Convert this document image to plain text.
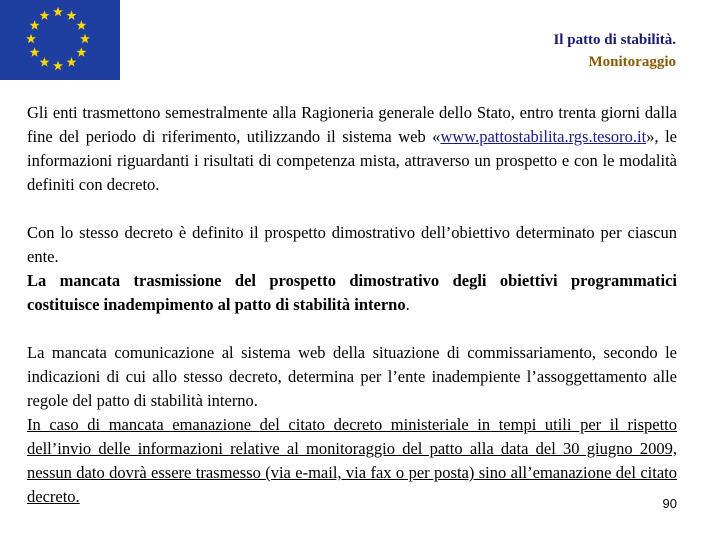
Il patto di stabilità.
Monitoraggio

Gli enti trasmettono semestralmente alla Ragioneria generale dello Stato, entro trenta giorni dalla fine del periodo di riferimento, utilizzando il sistema web «www.pattostabilita.rgs.tesoro.it», le informazioni riguardanti i risultati di competenza mista, attraverso un prospetto e con le modalità definiti con decreto.

Con lo stesso decreto è definito il prospetto dimostrativo dell’obiettivo determinato per ciascun ente.
La mancata trasmissione del prospetto dimostrativo degli obiettivi programmatici costituisce inadempimento al patto di stabilità interno.

La mancata comunicazione al sistema web della situazione di commissariamento, secondo le indicazioni di cui allo stesso decreto, determina per l’ente inadempiente l’assoggettamento alle regole del patto di stabilità interno.
In caso di mancata emanazione del citato decreto ministeriale in tempi utili per il rispetto dell’invio delle informazioni relative al monitoraggio del patto alla data del 30 giugno 2009, nessun dato dovrà essere trasmesso (via e-mail, via fax o per posta) sino all’emanazione del citato decreto.	90
